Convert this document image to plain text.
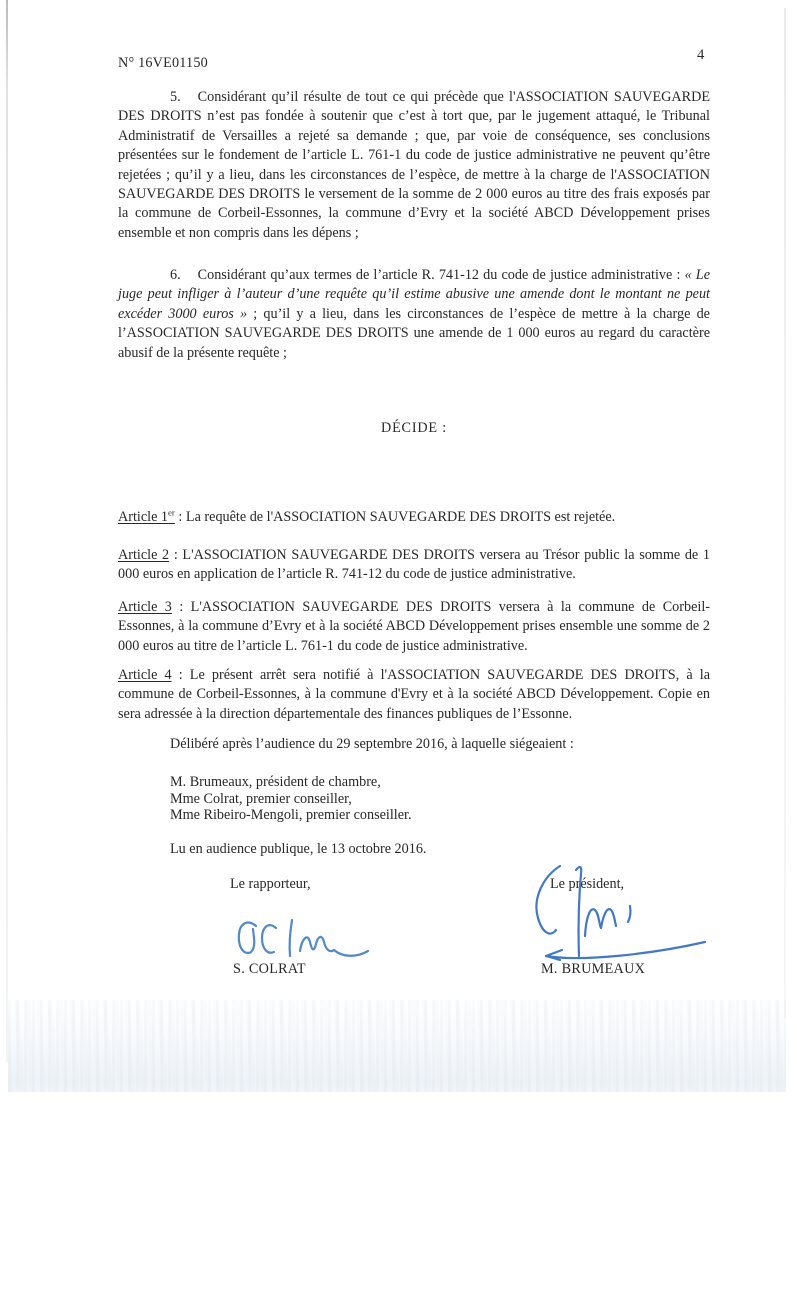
N° 16VE01150	4

5. Considérant qu’il résulte de tout ce qui précède que l'ASSOCIATION SAUVEGARDE DES DROITS n’est pas fondée à soutenir que c’est à tort que, par le jugement attaqué, le Tribunal Administratif de Versailles a rejeté sa demande ; que, par voie de conséquence, ses conclusions présentées sur le fondement de l’article L. 761-1 du code de justice administrative ne peuvent qu’être rejetées ; qu’il y a lieu, dans les circonstances de l’espèce, de mettre à la charge de l'ASSOCIATION SAUVEGARDE DES DROITS le versement de la somme de 2 000 euros au titre des frais exposés par la commune de Corbeil-Essonnes, la commune d’Evry et la société ABCD Développement prises ensemble et non compris dans les dépens ;

6. Considérant qu’aux termes de l’article R. 741-12 du code de justice administrative : « Le juge peut infliger à l’auteur d’une requête qu’il estime abusive une amende dont le montant ne peut excéder 3000 euros » ; qu’il y a lieu, dans les circonstances de l’espèce de mettre à la charge de l’ASSOCIATION SAUVEGARDE DES DROITS une amende de 1 000 euros au regard du caractère abusif de la présente requête ;

DÉCIDE :

Article 1er : La requête de l'ASSOCIATION SAUVEGARDE DES DROITS est rejetée.

Article 2 : L'ASSOCIATION SAUVEGARDE DES DROITS versera au Trésor public la somme de 1 000 euros en application de l’article R. 741-12 du code de justice administrative.

Article 3 : L'ASSOCIATION SAUVEGARDE DES DROITS versera à la commune de Corbeil-Essonnes, à la commune d’Evry et à la société ABCD Développement prises ensemble une somme de 2 000 euros au titre de l’article L. 761-1 du code de justice administrative.

Article 4 : Le présent arrêt sera notifié à l'ASSOCIATION SAUVEGARDE DES DROITS, à la commune de Corbeil-Essonnes, à la commune d'Evry et à la société ABCD Développement. Copie en sera adressée à la direction départementale des finances publiques de l’Essonne.

Délibéré après l’audience du 29 septembre 2016, à laquelle siégeaient :
M. Brumeaux, président de chambre,
Mme Colrat, premier conseiller,
Mme Ribeiro-Mengoli, premier conseiller.
Lu en audience publique, le 13 octobre 2016.
Le rapporteur,	Le président,
S. COLRAT	M. BRUMEAUX
